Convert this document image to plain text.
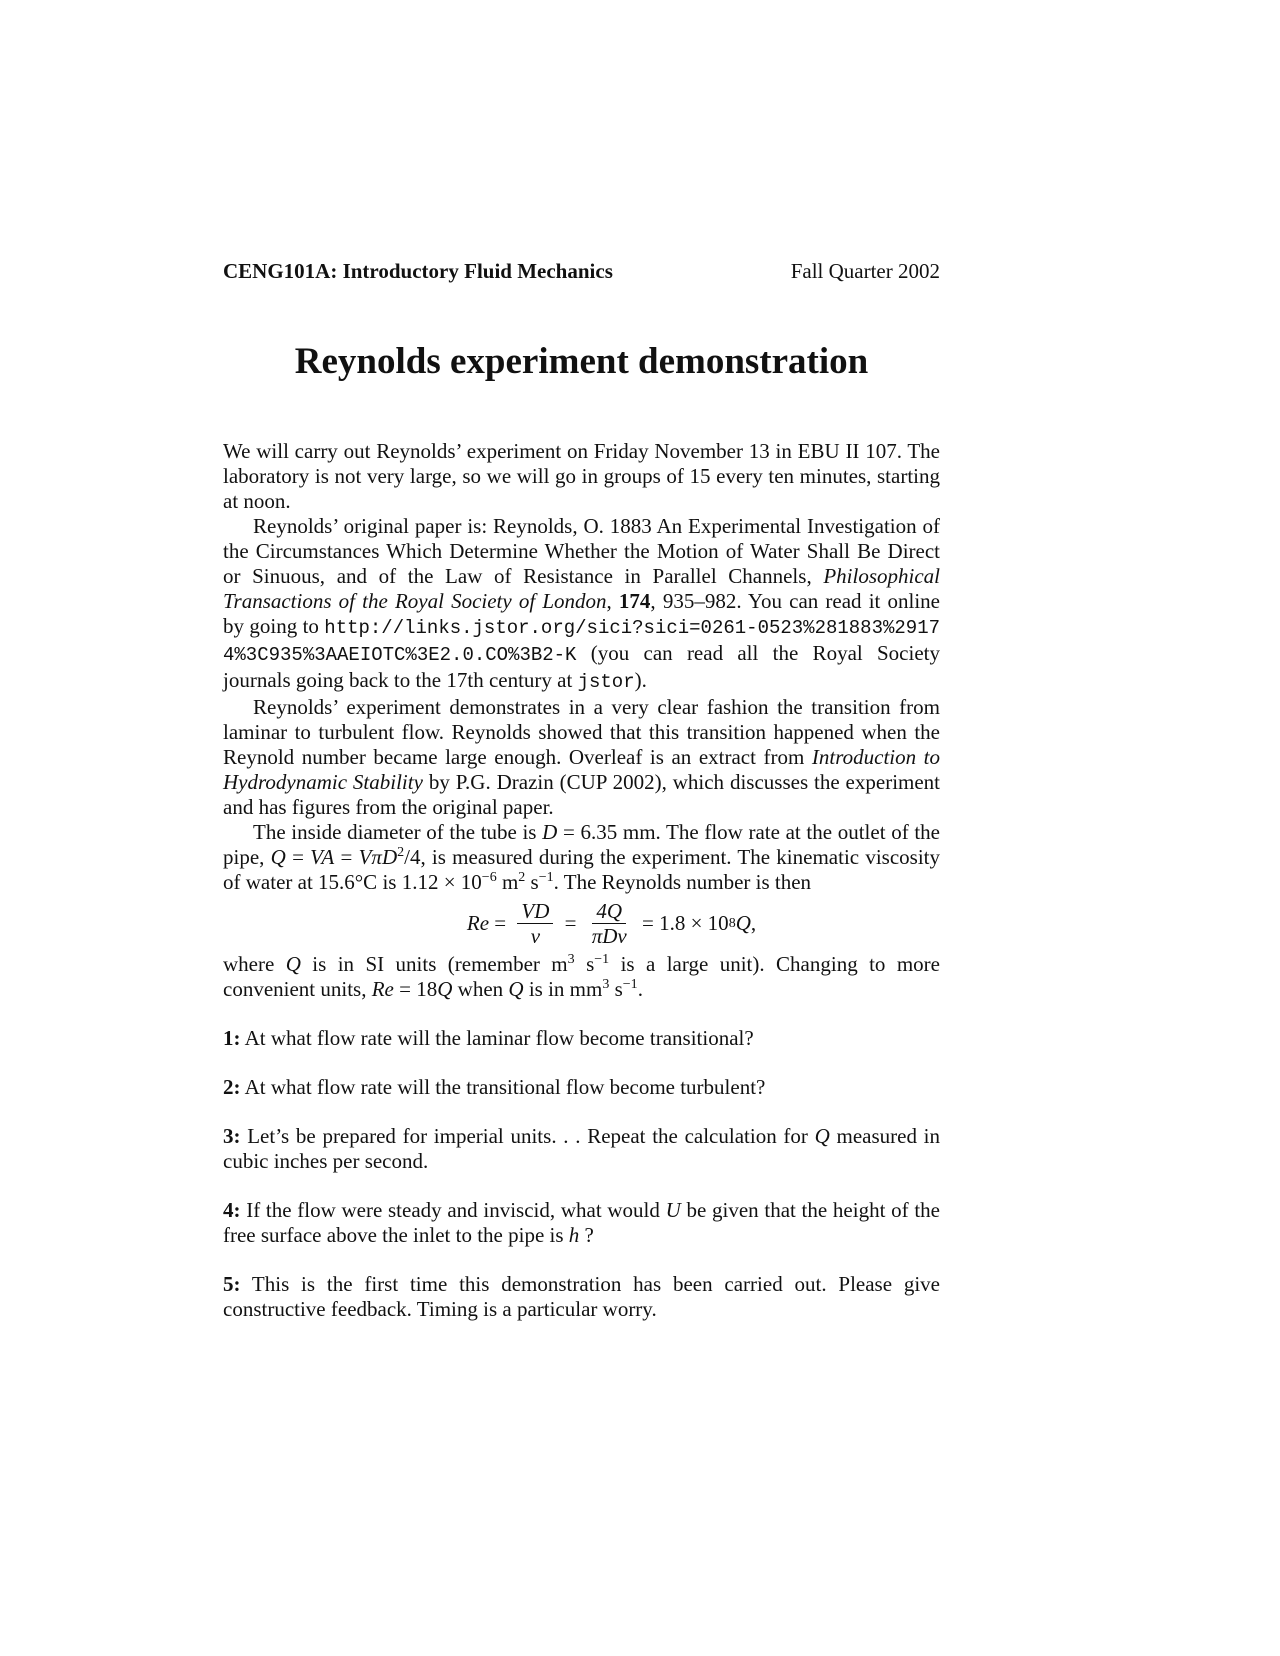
CENG101A: Introductory Fluid Mechanics	Fall Quarter 2002
Reynolds experiment demonstration

We will carry out Reynolds’ experiment on Friday November 13 in EBU II 107. The laboratory is not very large, so we will go in groups of 15 every ten minutes, starting at noon.

Reynolds’ original paper is: Reynolds, O. 1883 An Experimental Investigation of the Circumstances Which Determine Whether the Motion of Water Shall Be Direct or Sinuous, and of the Law of Resistance in Parallel Channels, Philosophical Transactions of the Royal Society of London, 174, 935–982. You can read it online by going to http://links.jstor.org/sici?sici=0261-0523%281883%29174%3C935%3AAEIOTC%3E2.0.CO%3B2-K (you can read all the Royal Society journals going back to the 17th century at jstor).

Reynolds’ experiment demonstrates in a very clear fashion the transition from laminar to turbulent flow. Reynolds showed that this transition happened when the Reynold number became large enough. Overleaf is an extract from Introduction to Hydrodynamic Stability by P.G. Drazin (CUP 2002), which discusses the experiment and has figures from the original paper.

The inside diameter of the tube is D = 6.35 mm. The flow rate at the outlet of the pipe, Q = VA = VπD$^2$/4, is measured during the experiment. The kinematic viscosity of water at 15.6°C is $1.12 \times 10^{-6}$ $m^2$ $s^{-1}$. The Reynolds number is then

$Re = \frac{VD}{\nu} = \frac{4Q}{\text{πDν}} = 1.8 \times 10$ 8 Q ,

where Q is in SI units (remember $m^3$ $s^{-1}$ is a large unit). Changing to more convenient units, Re = 18Q when Q is in $mm^3$ $s^{-1}$.

1: At what flow rate will the laminar flow become transitional?

2: At what flow rate will the transitional flow become turbulent?

3: Let’s be prepared for imperial units. . . Repeat the calculation for Q measured in cubic inches per second.

4: If the flow were steady and inviscid, what would U be given that the height of the free surface above the inlet to the pipe is h ?

5: This is the first time this demonstration has been carried out. Please give constructive feedback. Timing is a particular worry.
